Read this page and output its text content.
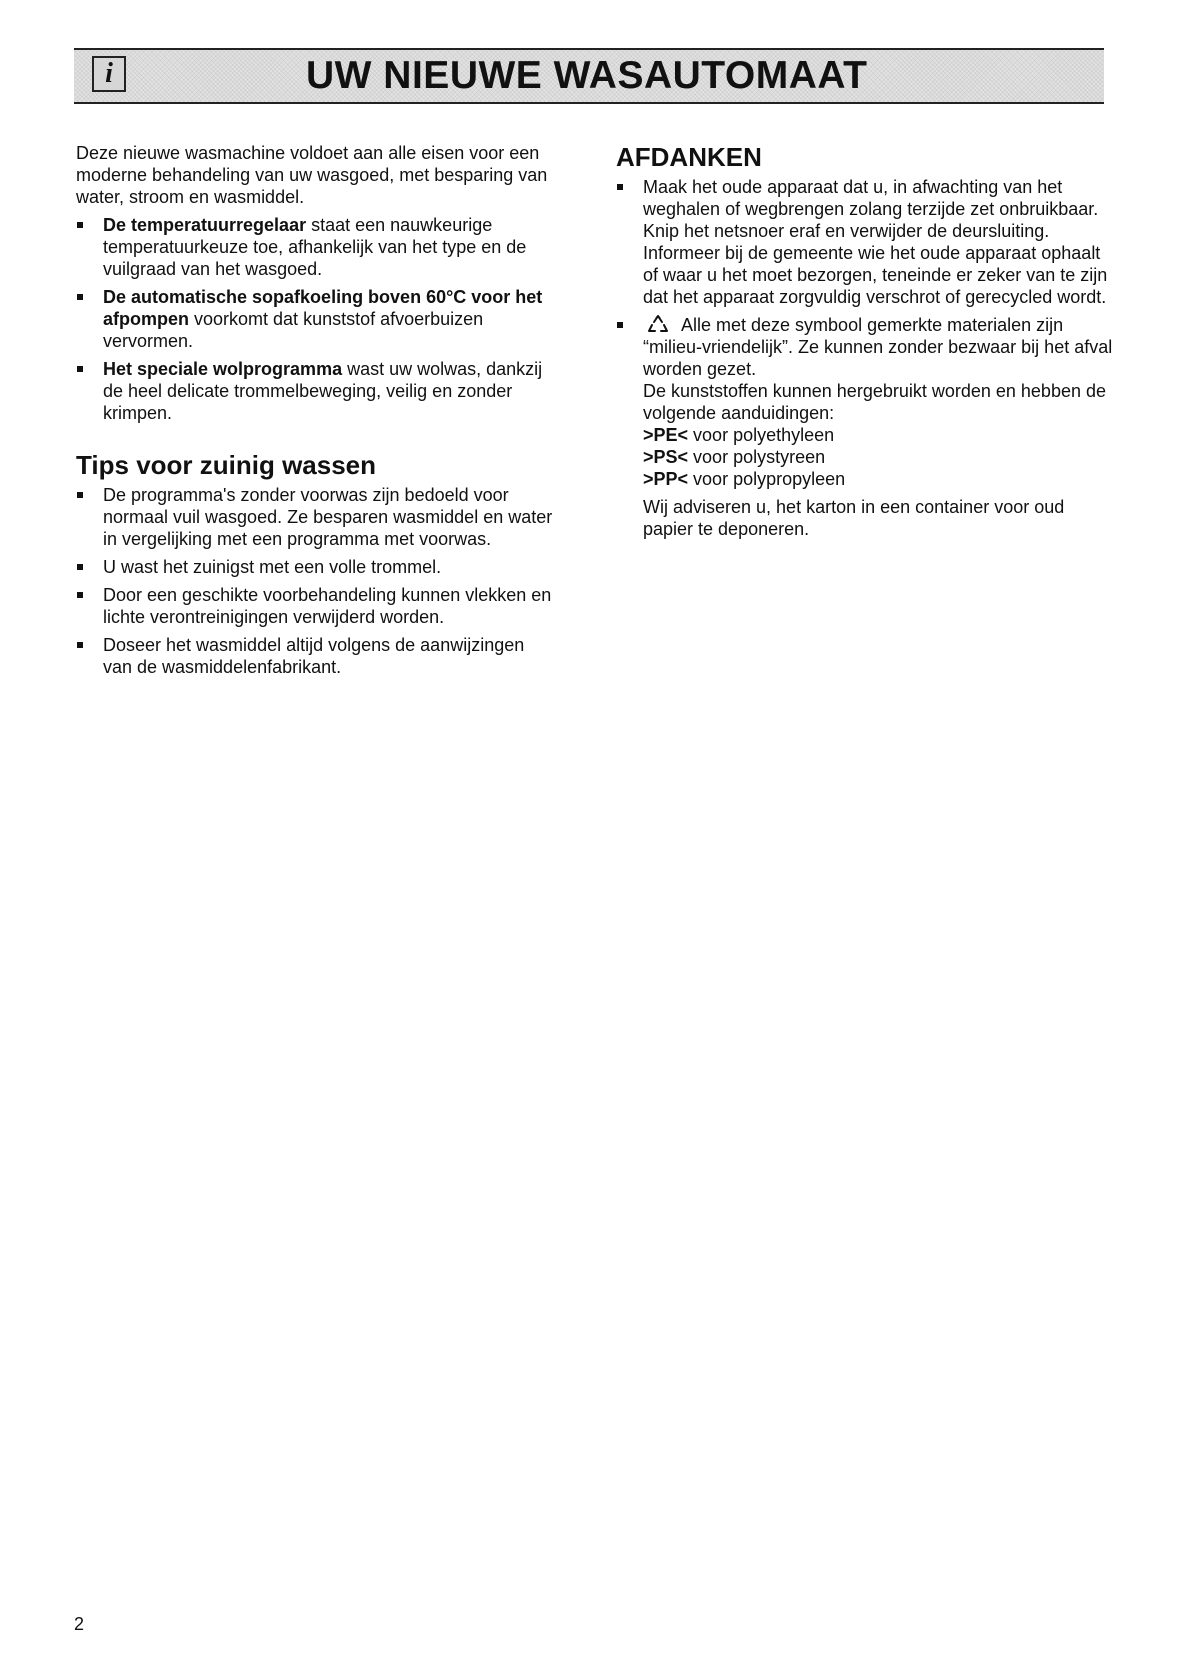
i	UW NIEUWE WASAUTOMAAT

Deze nieuwe wasmachine voldoet aan alle eisen voor een moderne behandeling van uw wasgoed, met besparing van water, stroom en wasmiddel.

De temperatuurregelaar staat een nauwkeurige temperatuurkeuze toe, afhankelijk van het type en de vuilgraad van het wasgoed.
De automatische sopafkoeling boven 60°C voor het afpompen voorkomt dat kunststof afvoerbuizen vervormen.
Het speciale wolprogramma wast uw wolwas, dankzij de heel delicate trommelbeweging, veilig en zonder krimpen.
Tips voor zuinig wassen
De programma's zonder voorwas zijn bedoeld voor normaal vuil wasgoed. Ze besparen wasmiddel en water in vergelijking met een programma met voorwas.
U wast het zuinigst met een volle trommel.
Door een geschikte voorbehandeling kunnen vlekken en lichte verontreinigingen verwijderd worden.
Doseer het wasmiddel altijd volgens de aanwijzingen van de wasmiddelenfabrikant.
AFDANKEN
Maak het oude apparaat dat u, in afwachting van het weghalen of wegbrengen zolang terzijde zet onbruikbaar. Knip het netsnoer eraf en verwijder de deursluiting. Informeer bij de gemeente wie het oude apparaat ophaalt of waar u het moet bezorgen, teneinde er zeker van te zijn dat het apparaat zorgvuldig verschrot of gerecycled wordt.
Alle met deze symbool gemerkte materialen zijn “milieu-vriendelijk”. Ze kunnen zonder bezwaar bij het afval worden gezet.
De kunststoffen kunnen hergebruikt worden en hebben de volgende aanduidingen:
>PE< voor polyethyleen
>PS< voor polystyreen
>PP< voor polypropyleen

Wij adviseren u, het karton in een container voor oud papier te deponeren.

2
